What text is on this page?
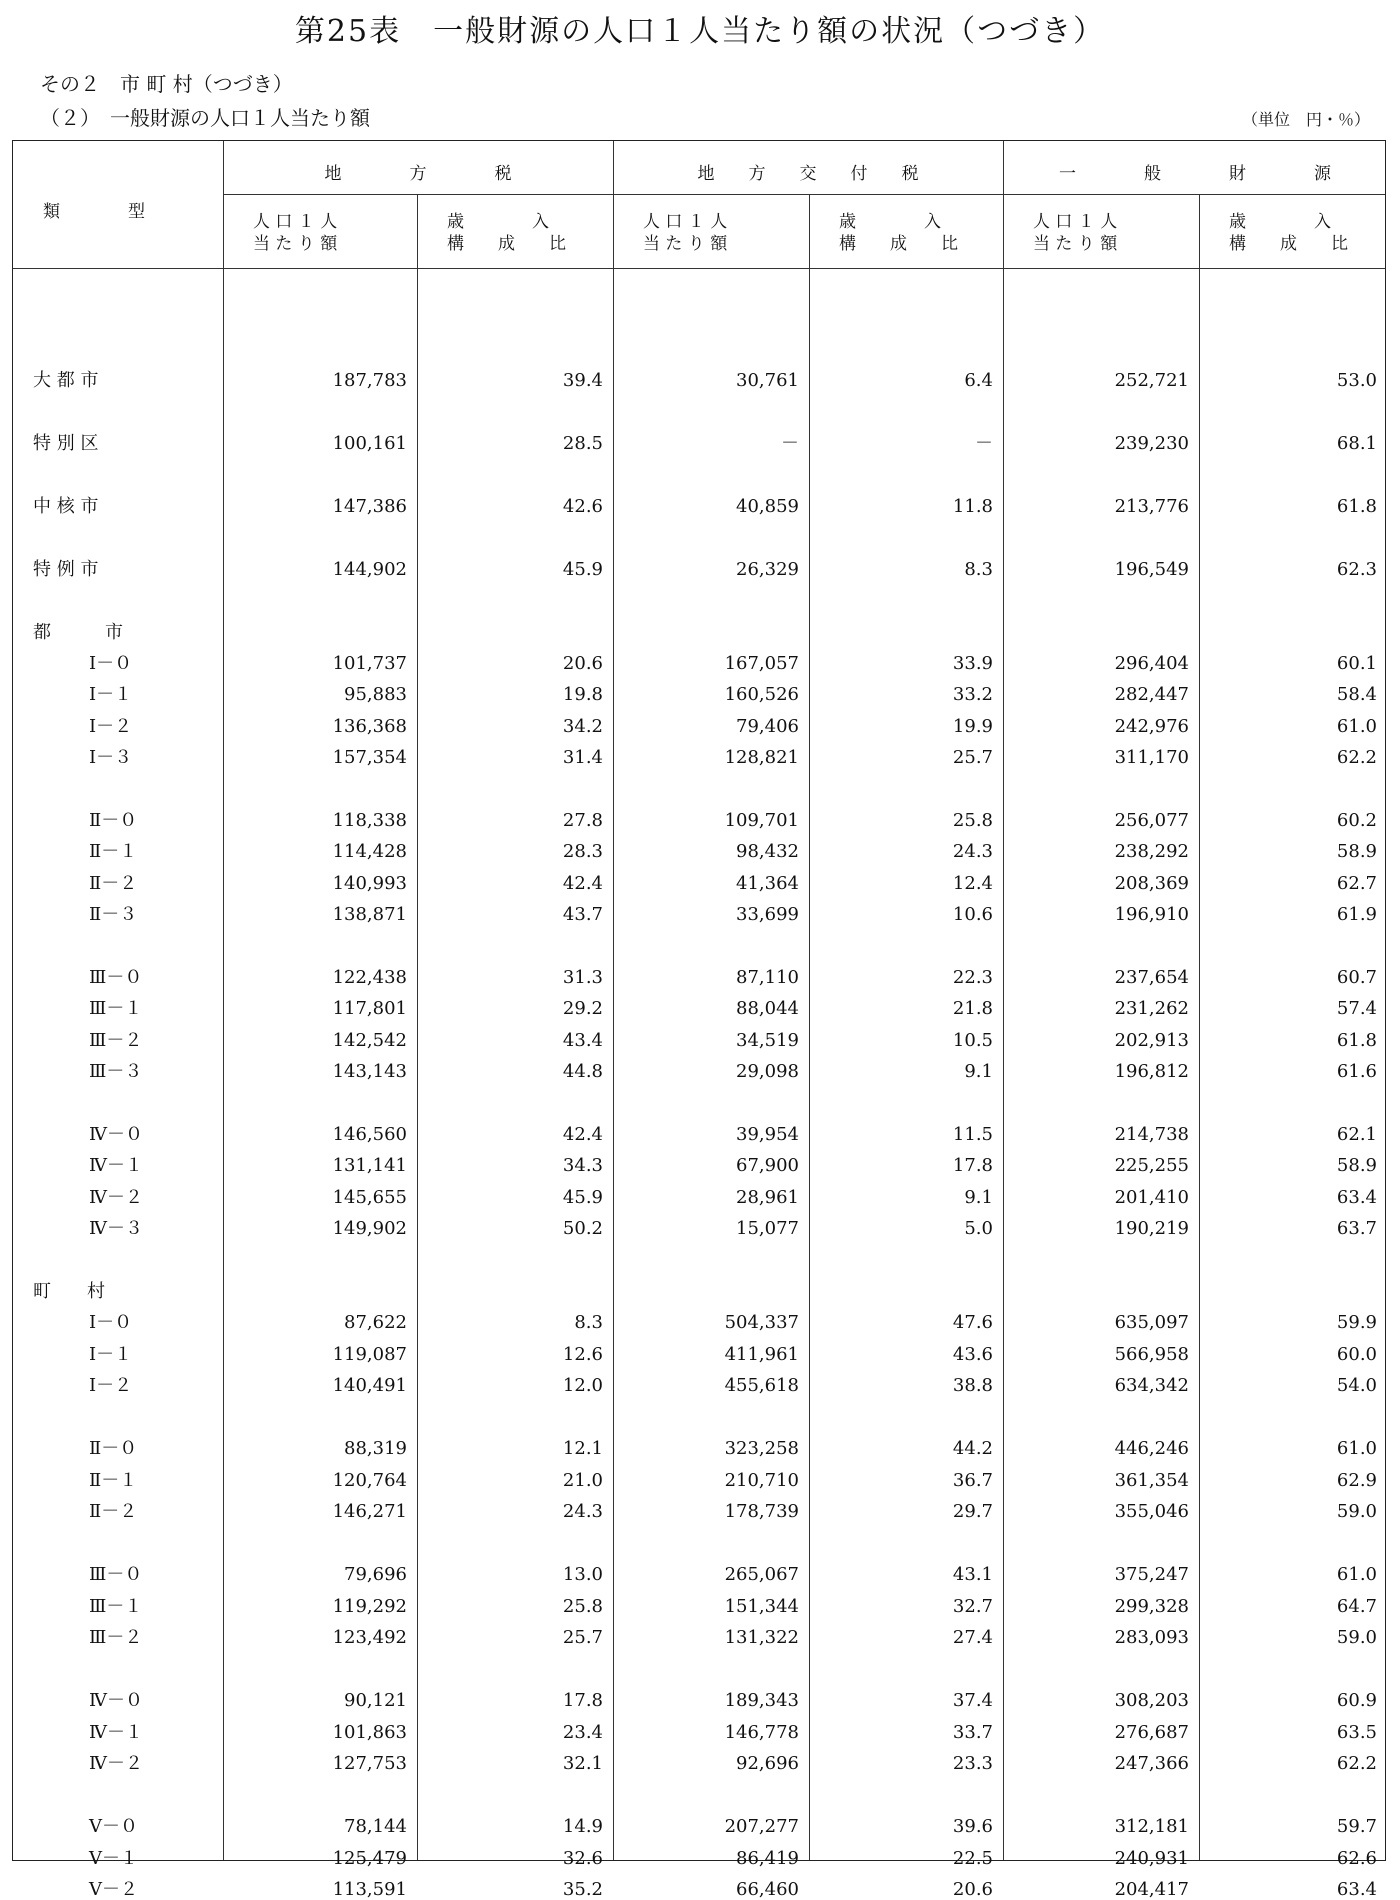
第25表　一般財源の人口１人当たり額の状況（つづき）
その２　市 町 村（つづき）
（２）　一般財源の人口１人当たり額	（単位　円・％）
類　　　　型
地　　　　方　　　　税	地　　方　　交　　付　　税	一　　　　般　　　　財　　　　源
人 口 １ 人
当 た り 額
歳　　　　入
構　　成　　比
人 口 １ 人
当 た り 額
歳　　　　入
構　　成　　比
人 口 １ 人
当 た り 額
歳　　　　入
構　　成　　比
大 都 市	187,783	39.4	30,761	6.4	252,721	53.0
特 別 区	100,161	28.5	－	－	239,230	68.1
中 核 市	147,386	42.6	40,859	11.8	213,776	61.8
特 例 市	144,902	45.9	26,329	8.3	196,549	62.3
都　　　市
Ⅰ－０	101,737	20.6	167,057	33.9	296,404	60.1
Ⅰ－１	95,883	19.8	160,526	33.2	282,447	58.4
Ⅰ－２	136,368	34.2	79,406	19.9	242,976	61.0
Ⅰ－３	157,354	31.4	128,821	25.7	311,170	62.2
Ⅱ－０	118,338	27.8	109,701	25.8	256,077	60.2
Ⅱ－１	114,428	28.3	98,432	24.3	238,292	58.9
Ⅱ－２	140,993	42.4	41,364	12.4	208,369	62.7
Ⅱ－３	138,871	43.7	33,699	10.6	196,910	61.9
Ⅲ－０	122,438	31.3	87,110	22.3	237,654	60.7
Ⅲ－１	117,801	29.2	88,044	21.8	231,262	57.4
Ⅲ－２	142,542	43.4	34,519	10.5	202,913	61.8
Ⅲ－３	143,143	44.8	29,098	9.1	196,812	61.6
Ⅳ－０	146,560	42.4	39,954	11.5	214,738	62.1
Ⅳ－１	131,141	34.3	67,900	17.8	225,255	58.9
Ⅳ－２	145,655	45.9	28,961	9.1	201,410	63.4
Ⅳ－３	149,902	50.2	15,077	5.0	190,219	63.7
町　　村
Ⅰ－０	87,622	8.3	504,337	47.6	635,097	59.9
Ⅰ－１	119,087	12.6	411,961	43.6	566,958	60.0
Ⅰ－２	140,491	12.0	455,618	38.8	634,342	54.0
Ⅱ－０	88,319	12.1	323,258	44.2	446,246	61.0
Ⅱ－１	120,764	21.0	210,710	36.7	361,354	62.9
Ⅱ－２	146,271	24.3	178,739	29.7	355,046	59.0
Ⅲ－０	79,696	13.0	265,067	43.1	375,247	61.0
Ⅲ－１	119,292	25.8	151,344	32.7	299,328	64.7
Ⅲ－２	123,492	25.7	131,322	27.4	283,093	59.0
Ⅳ－０	90,121	17.8	189,343	37.4	308,203	60.9
Ⅳ－１	101,863	23.4	146,778	33.7	276,687	63.5
Ⅳ－２	127,753	32.1	92,696	23.3	247,366	62.2
Ⅴ－０	78,144	14.9	207,277	39.6	312,181	59.7
Ⅴ－１	125,479	32.6	86,419	22.5	240,931	62.6
Ⅴ－２	113,591	35.2	66,460	20.6	204,417	63.4
